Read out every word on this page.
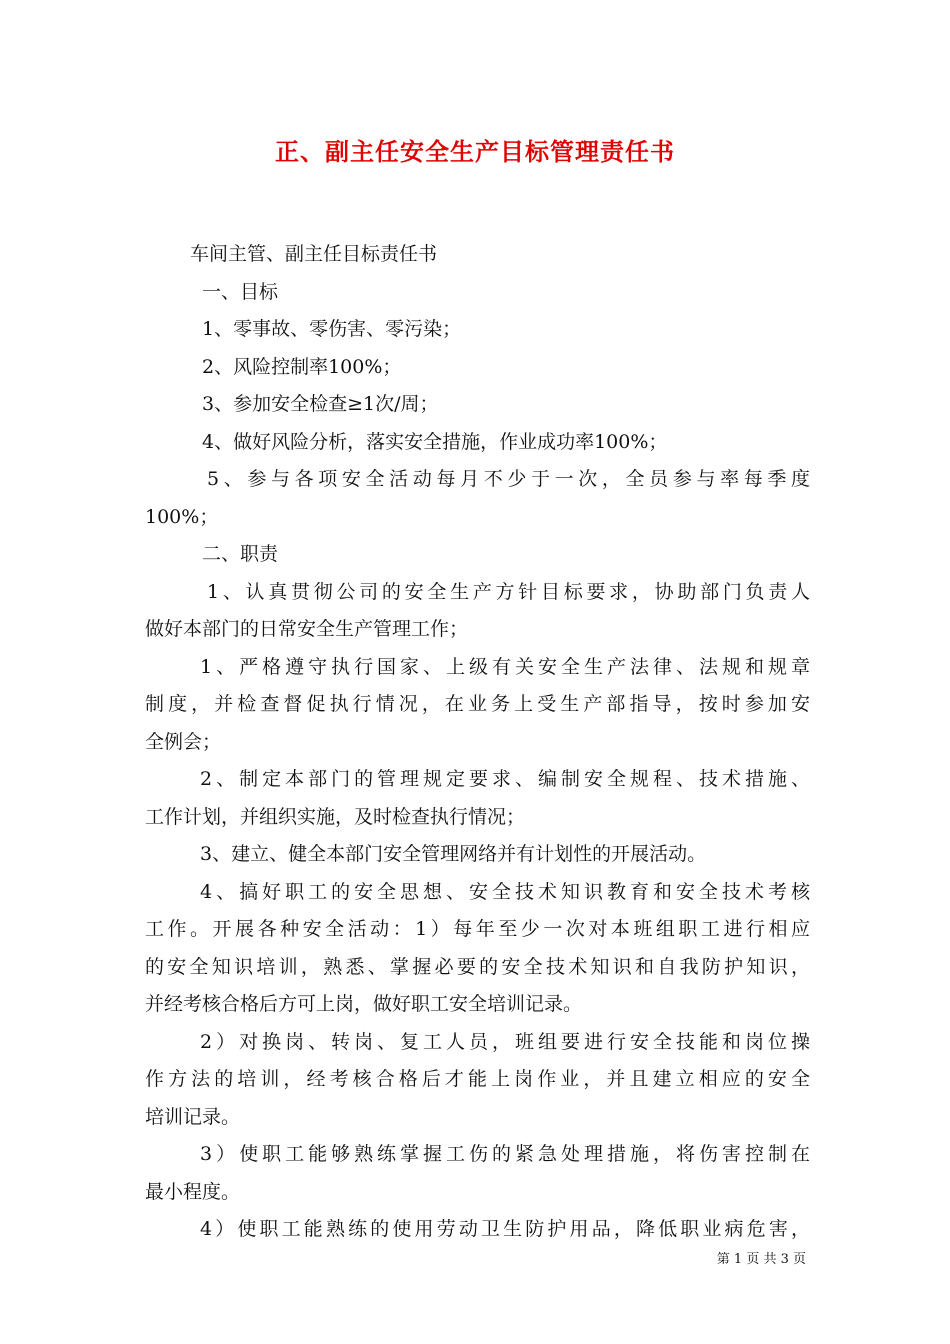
正、副主任安全生产目标管理责任书

车间主管、副主任目标责任书

一、目标

1、零事故、零伤害、零污染；

2、风险控制率100%；

3、参加安全检查≥1次/周；

4、做好风险分析，落实安全措施，作业成功率100%；

5、参与各项安全活动每月不少于一次，全员参与率每季度

100%；

二、职责

1、认真贯彻公司的安全生产方针目标要求，协助部门负责人

做好本部门的日常安全生产管理工作；

1、严格遵守执行国家、上级有关安全生产法律、法规和规章

制度，并检查督促执行情况，在业务上受生产部指导，按时参加安

全例会；

2、制定本部门的管理规定要求、编制安全规程、技术措施、

工作计划，并组织实施，及时检查执行情况；

3、建立、健全本部门安全管理网络并有计划性的开展活动。

4、搞好职工的安全思想、安全技术知识教育和安全技术考核

工作。开展各种安全活动：1）每年至少一次对本班组职工进行相应

的安全知识培训，熟悉、掌握必要的安全技术知识和自我防护知识，

并经考核合格后方可上岗，做好职工安全培训记录。

2）对换岗、转岗、复工人员，班组要进行安全技能和岗位操

作方法的培训，经考核合格后才能上岗作业，并且建立相应的安全

培训记录。

3）使职工能够熟练掌握工伤的紧急处理措施，将伤害控制在

最小程度。

4）使职工能熟练的使用劳动卫生防护用品，降低职业病危害，

第 1 页 共 3 页
